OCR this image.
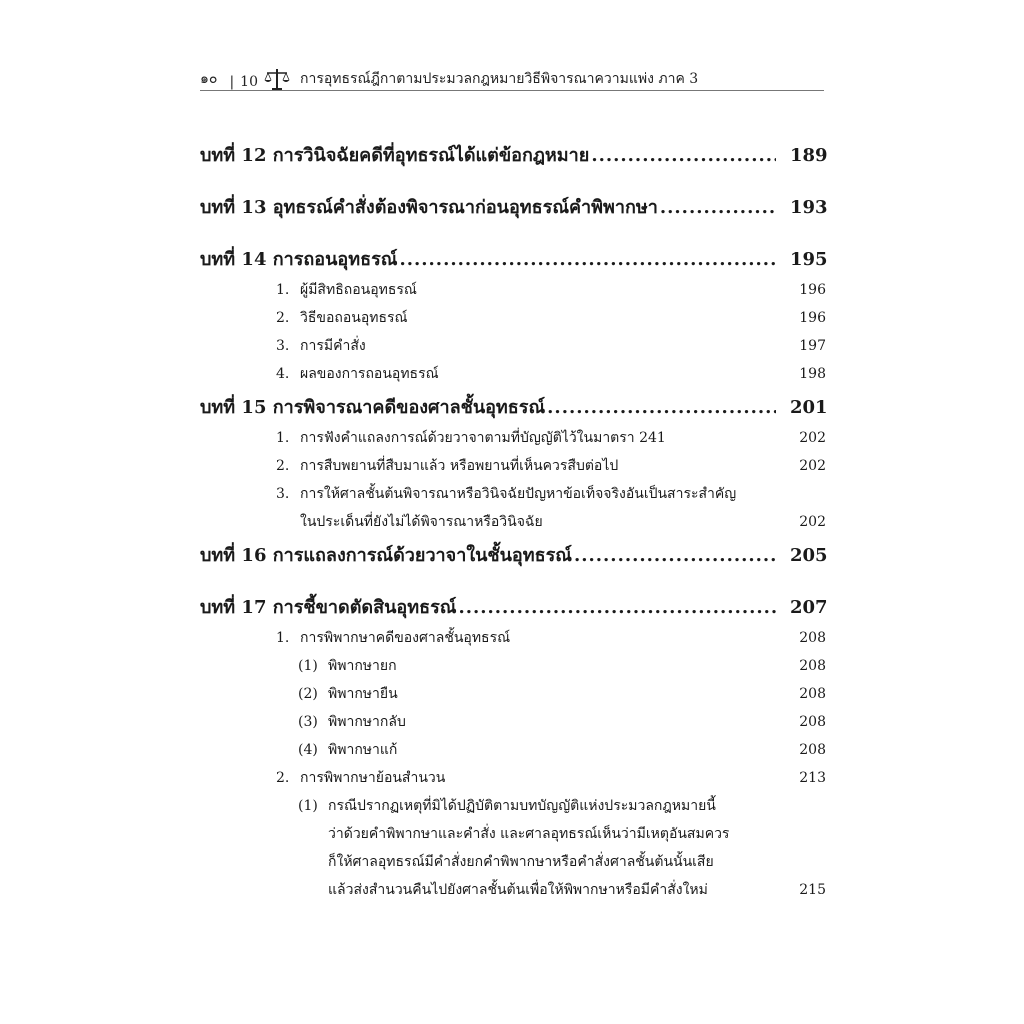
๑๐ | 10	การอุทธรณ์ฎีกาตามประมวลกฎหมายวิธีพิจารณาความแพ่ง ภาค 3
บทที่ 12 การวินิจฉัยคดีที่อุทธรณ์ได้แต่ข้อกฎหมาย .....	189
บทที่ 13 อุทธรณ์คำสั่งต้องพิจารณาก่อนอุทธรณ์คำพิพากษา .....	193
บทที่ 14 การถอนอุทธรณ์ .....	195
1. ผู้มีสิทธิถอนอุทธรณ์	196
2. วิธีขอถอนอุทธรณ์	196
3. การมีคำสั่ง	197
4. ผลของการถอนอุทธรณ์	198
บทที่ 15 การพิจารณาคดีของศาลชั้นอุทธรณ์ .....	201
1. การฟังคำแถลงการณ์ด้วยวาจาตามที่บัญญัติไว้ในมาตรา 241	202
2. การสืบพยานที่สืบมาแล้ว หรือพยานที่เห็นควรสืบต่อไป	202
3. การให้ศาลชั้นต้นพิจารณาหรือวินิจฉัยปัญหาข้อเท็จจริงอันเป็นสาระสำคัญ
ในประเด็นที่ยังไม่ได้พิจารณาหรือวินิจฉัย	202
บทที่ 16 การแถลงการณ์ด้วยวาจาในชั้นอุทธรณ์ .....	205
บทที่ 17 การชี้ขาดตัดสินอุทธรณ์ .....	207
1. การพิพากษาคดีของศาลชั้นอุทธรณ์	208
(1) พิพากษายก	208
(2) พิพากษายืน	208
(3) พิพากษากลับ	208
(4) พิพากษาแก้	208
2. การพิพากษาย้อนสำนวน	213
(1) กรณีปรากฏเหตุที่มิได้ปฏิบัติตามบทบัญญัติแห่งประมวลกฎหมายนี้
ว่าด้วยคำพิพากษาและคำสั่ง และศาลอุทธรณ์เห็นว่ามีเหตุอันสมควร
ก็ให้ศาลอุทธรณ์มีคำสั่งยกคำพิพากษาหรือคำสั่งศาลชั้นต้นนั้นเสีย
แล้วส่งสำนวนคืนไปยังศาลชั้นต้นเพื่อให้พิพากษาหรือมีคำสั่งใหม่	215
